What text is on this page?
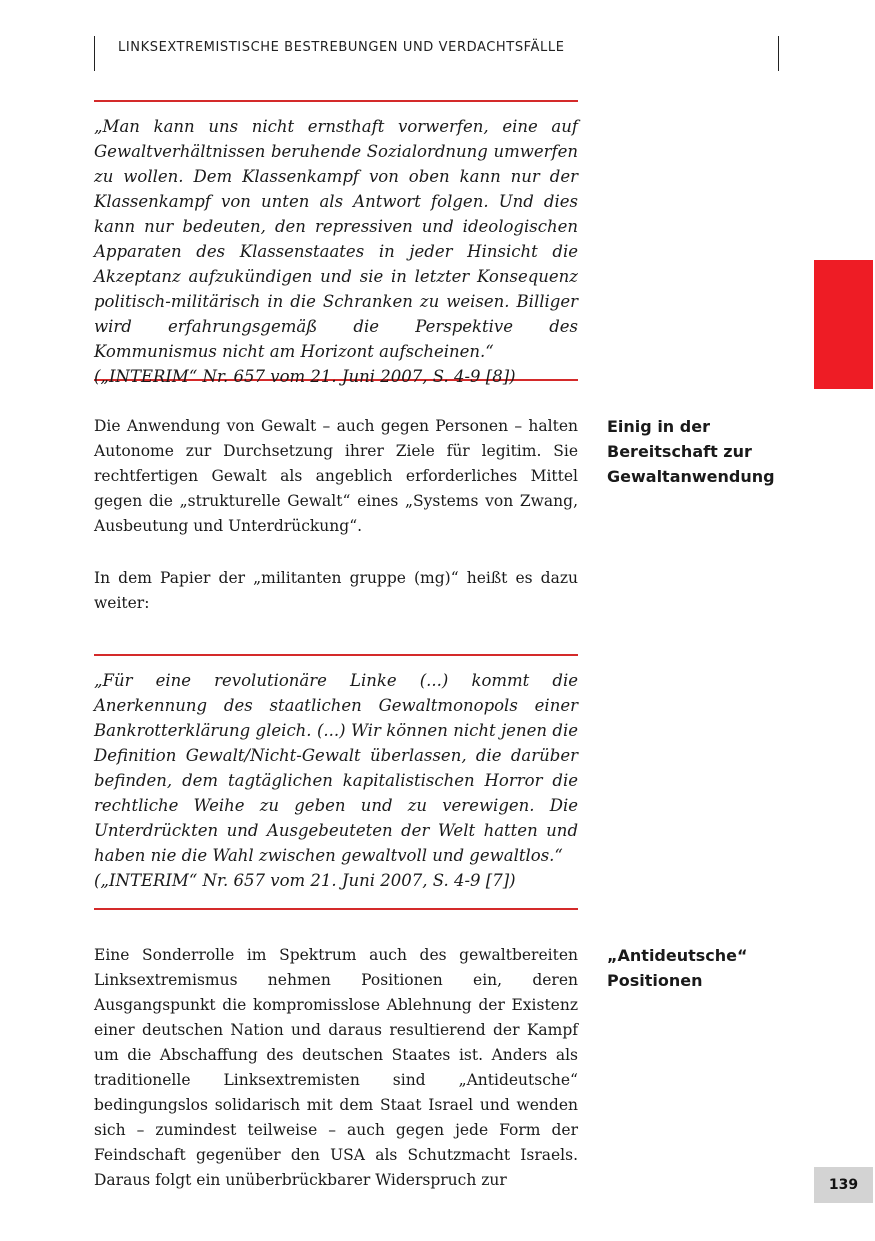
LINKSEXTREMISTISCHE BESTREBUNGEN UND VERDACHTSFÄLLE

„Man kann uns nicht ernsthaft vorwerfen, eine auf Gewaltverhältnissen beruhende Sozialordnung umwerfen zu wollen. Dem Klassenkampf von oben kann nur der Klassenkampf von unten als Antwort folgen. Und dies kann nur bedeuten, den repressiven und ideologischen Apparaten des Klassenstaates in jeder Hinsicht die Akzeptanz aufzukündigen und sie in letzter Konsequenz politisch-militärisch in die Schranken zu weisen. Billiger wird erfahrungsgemäß die Perspektive des Kommunismus nicht am Horizont aufscheinen.“

(„INTERIM“ Nr. 657 vom 21. Juni 2007, S. 4-9 [8])

Einig in der Bereitschaft zur Gewaltanwendung

Die Anwendung von Gewalt – auch gegen Personen – halten Autonome zur Durchsetzung ihrer Ziele für legitim. Sie rechtfertigen Gewalt als angeblich erforderliches Mittel gegen die „strukturelle Gewalt“ eines „Systems von Zwang, Ausbeutung und Unterdrückung“.

In dem Papier der „militanten gruppe (mg)“ heißt es dazu weiter:

„Für eine revolutionäre Linke (...) kommt die Anerkennung des staatlichen Gewaltmonopols einer Bankrotterklärung gleich. (...) Wir können nicht jenen die Definition Gewalt/Nicht-Gewalt überlassen, die darüber befinden, dem tagtäglichen kapitalistischen Horror die rechtliche Weihe zu geben und zu verewigen. Die Unterdrückten und Ausgebeuteten der Welt hatten und haben nie die Wahl zwischen gewaltvoll und gewaltlos.“

(„INTERIM“ Nr. 657 vom 21. Juni 2007, S. 4-9 [7])

„Antideutsche“ Positionen

Eine Sonderrolle im Spektrum auch des gewaltbereiten Linksextremismus nehmen Positionen ein, deren Ausgangspunkt die kompromisslose Ablehnung der Existenz einer deutschen Nation und daraus resultierend der Kampf um die Abschaffung des deutschen Staates ist. Anders als traditionelle Linksextremisten sind „Antideutsche“ bedingungslos solidarisch mit dem Staat Israel und wenden sich – zumindest teilweise – auch gegen jede Form der Feindschaft gegenüber den USA als Schutzmacht Israels. Daraus folgt ein unüberbrückbarer Widerspruch zur	139
